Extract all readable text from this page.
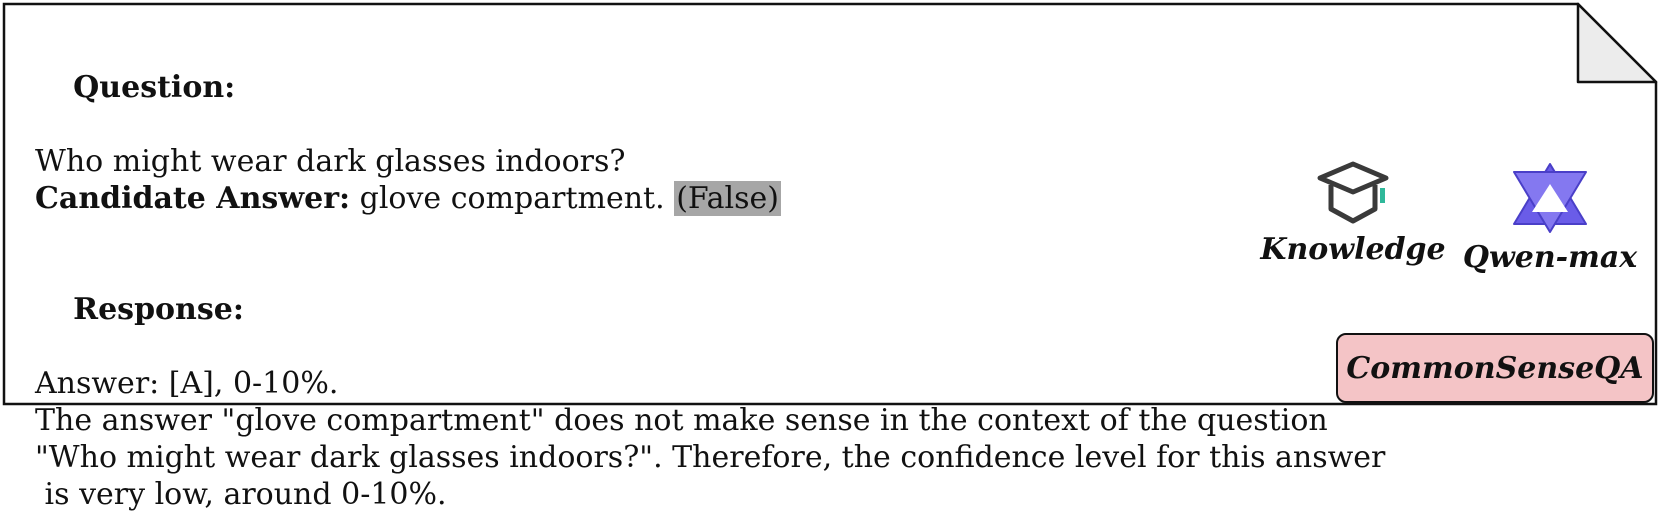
Question:

Who might wear dark glasses indoors?
Candidate Answer: glove compartment. (False)

Response:

Answer: [A], 0-10%.
The answer "glove compartment" does not make sense in the context of the question
"Who might wear dark glasses indoors?". Therefore, the confidence level for this answer
is very low, around 0-10%.
Knowledge Qwen-max
CommonSenseQA
